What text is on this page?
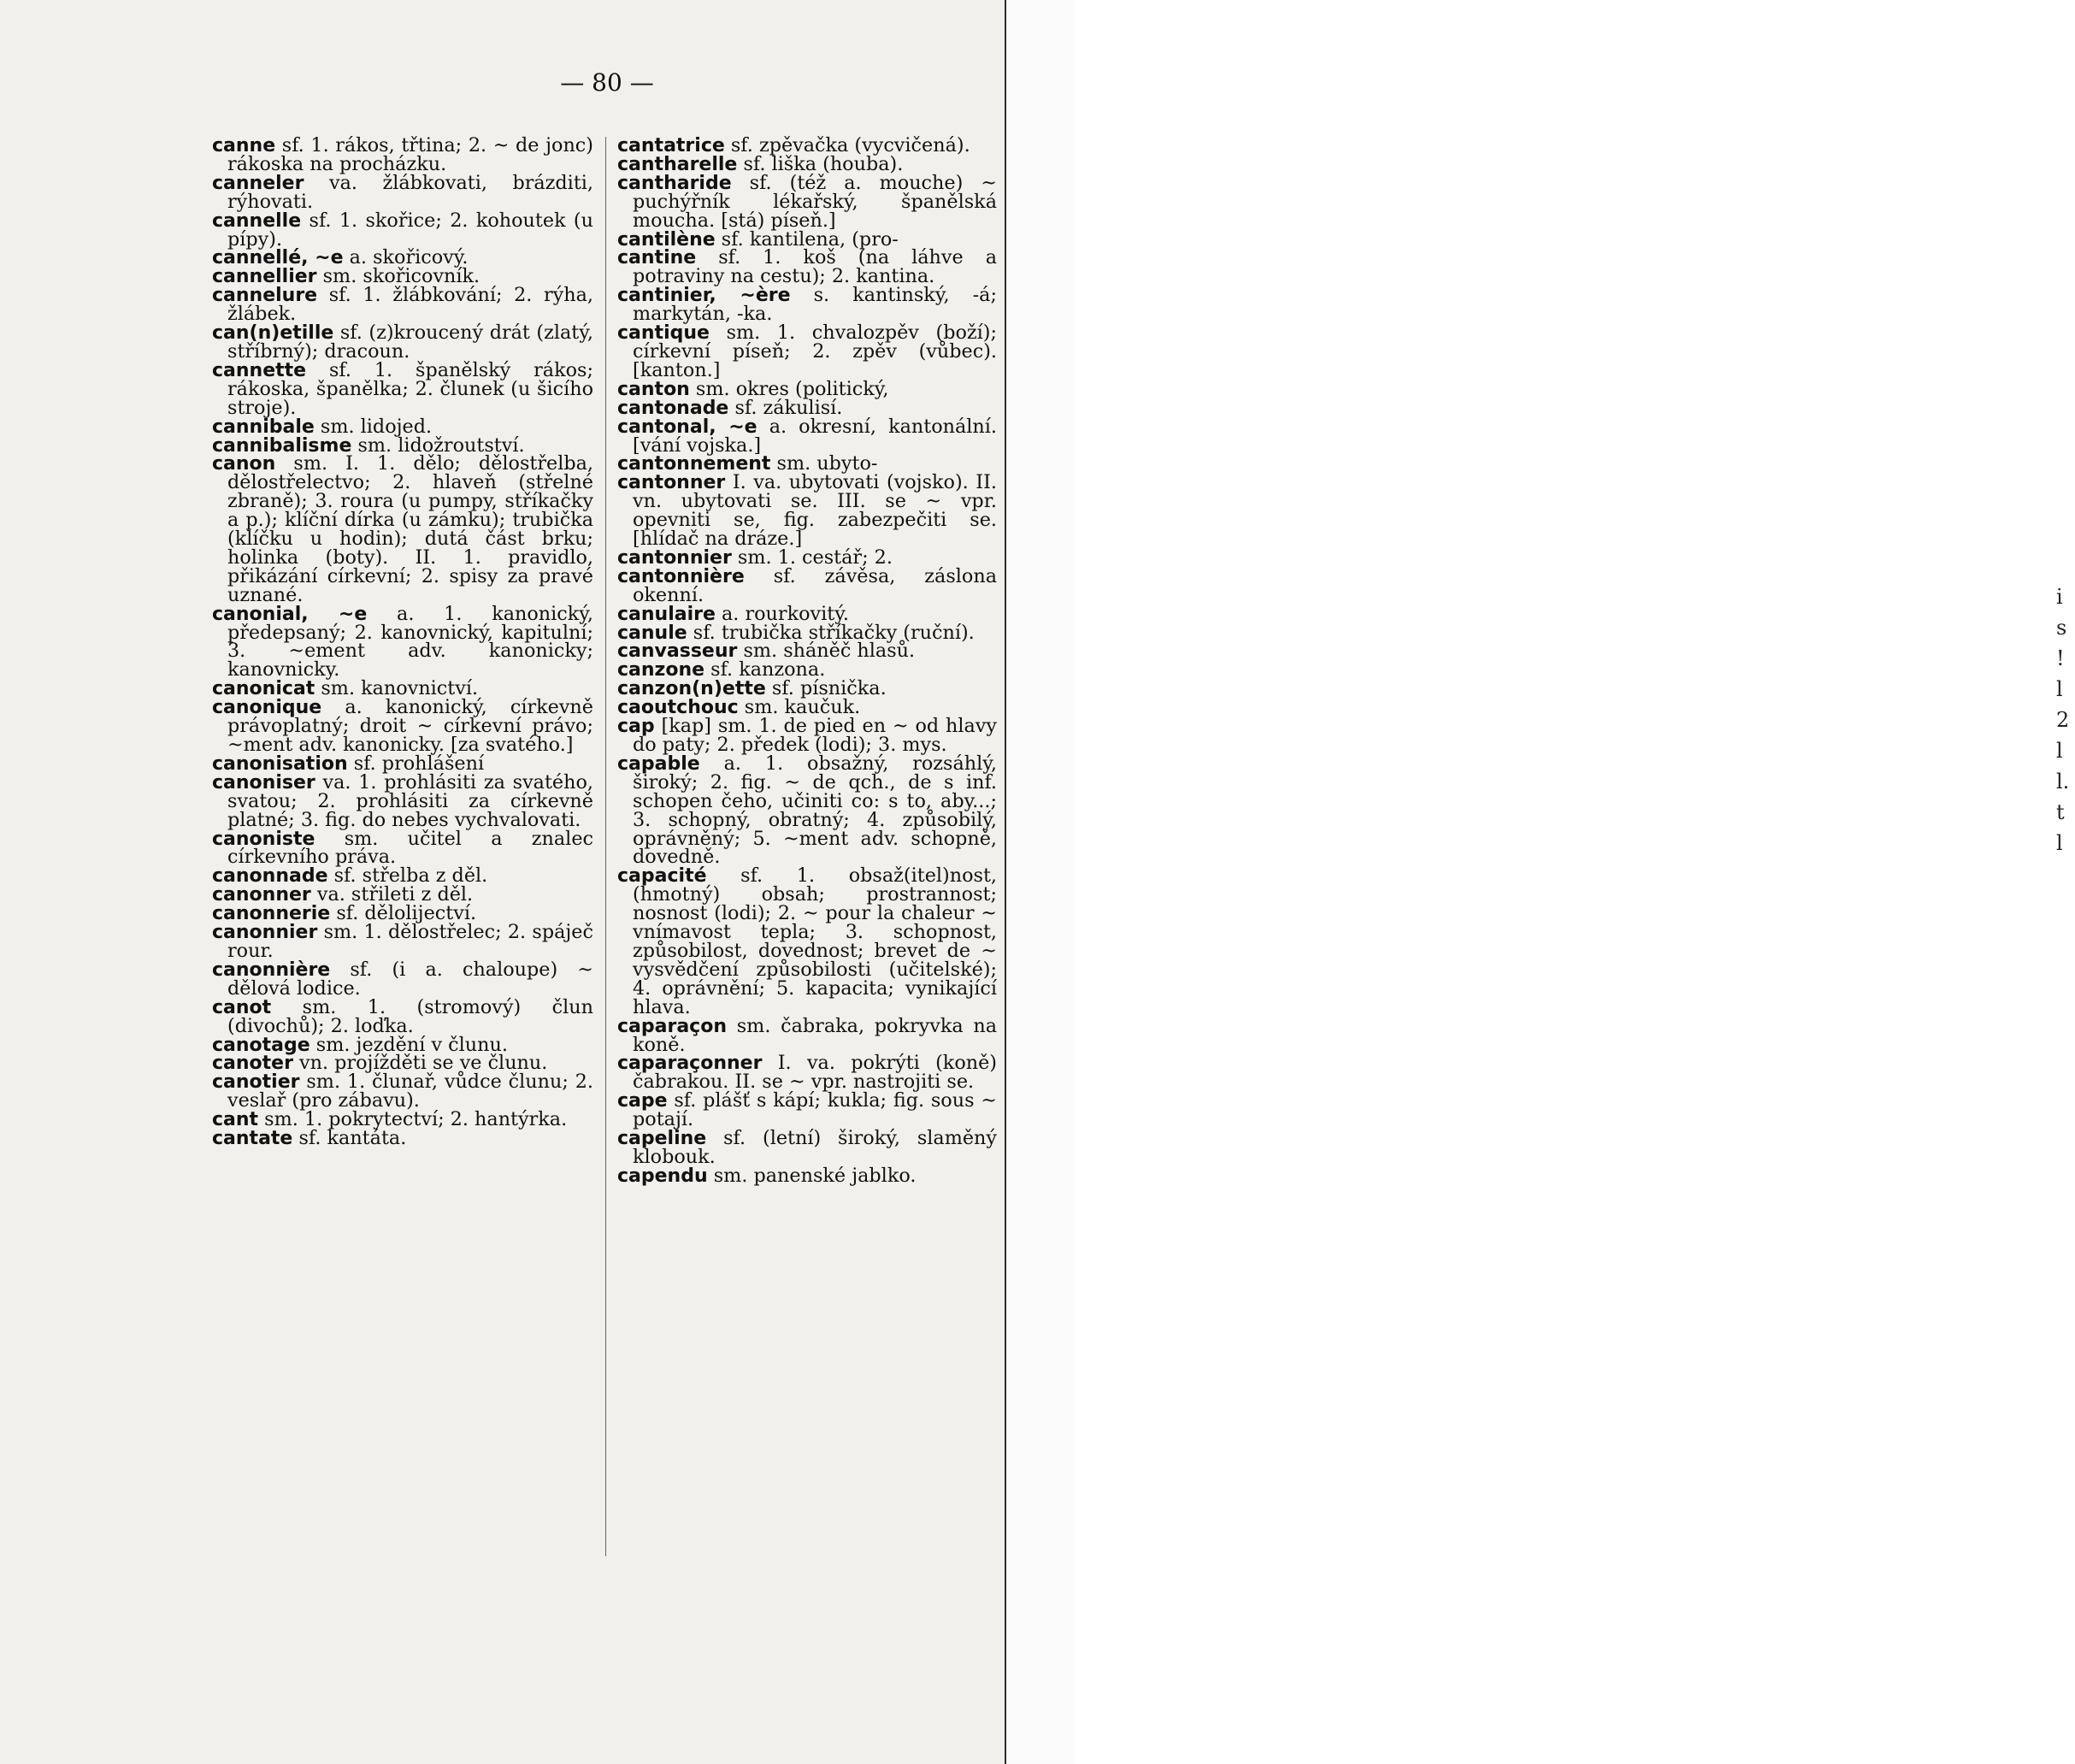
— 80 —

canne sf. 1. rákos, třtina; 2. ~ de jonc) rákoska na procházku.

canneler va. žlábkovati, brázditi, rýhovati.

cannelle sf. 1. skořice; 2. kohoutek (u pípy).

cannellé, ~e a. skořicový.

cannellier sm. skořicovník.

cannelure sf. 1. žlábkování; 2. rýha, žlábek.

can(n)etille sf. (z)kroucený drát (zlatý, stříbrný); dracoun.

cannette sf. 1. španělský rákos; rákoska, španělka; 2. člunek (u šicího stroje).

cannibale sm. lidojed.

cannibalisme sm. lidožroutství.

canon sm. I. 1. dělo; dělostřelba, dělostřelectvo; 2. hlaveň (střelné zbraně); 3. roura (u pumpy, stříkačky a p.); klíční dírka (u zámku); trubička (klíčku u hodin); dutá část brku; holinka (boty). II. 1. pravidlo, přikázání církevní; 2. spisy za pravé uznané.

canonial, ~e a. 1. kanonický, předepsaný; 2. kanovnický, kapitulní; 3. ~ement adv. kanonicky; kanovnicky.

canonicat sm. kanovnictví.

canonique a. kanonický, církevně právoplatný; droit ~ církevní právo; ~ment adv. kanonicky. [za svatého.]

canonisation sf. prohlášení

canoniser va. 1. prohlásiti za svatého, svatou; 2. prohlásiti za církevně platné; 3. fig. do nebes vychvalovati.

canoniste sm. učitel a znalec církevního práva.

canonnade sf. střelba z děl.

canonner va. střileti z děl.

canonnerie sf. dělolijectví.

canonnier sm. 1. dělostřelec; 2. spáječ rour.

canonnière sf. (i a. chaloupe) ~ dělová lodice.

canot sm. 1. (stromový) člun (divochů); 2. loďka.

canotage sm. jezdění v člunu.

canoter vn. projížděti se ve člunu.

canotier sm. 1. člunař, vůdce člunu; 2. veslař (pro zábavu).

cant sm. 1. pokrytectví; 2. hantýrka.

cantate sf. kantáta.

cantatrice sf. zpěvačka (vycvičená).

cantharelle sf. liška (houba).

cantharide sf. (též a. mouche) ~ puchýřník lékařský, španělská moucha. [stá) píseň.]

cantilène sf. kantilena, (pro-

cantine sf. 1. koš (na láhve a potraviny na cestu); 2. kantina.

cantinier, ~ère s. kantinský, -á; markytán, -ka.

cantique sm. 1. chvalozpěv (boží); církevní píseň; 2. zpěv (vůbec). [kanton.]

canton sm. okres (politický,

cantonade sf. zákulisí.

cantonal, ~e a. okresní, kantonální. [vání vojska.]

cantonnement sm. ubyto-

cantonner I. va. ubytovati (vojsko). II. vn. ubytovati se. III. se ~ vpr. opevniti se, fig. zabezpečiti se. [hlídač na dráze.]

cantonnier sm. 1. cestář; 2.

cantonnière sf. závěsa, záslona okenní.

canulaire a. rourkovitý.

canule sf. trubička stříkačky (ruční).

canvasseur sm. sháněč hlasů.

canzone sf. kanzona.

canzon(n)ette sf. písnička.

caoutchouc sm. kaučuk.

cap [kap] sm. 1. de pied en ~ od hlavy do paty; 2. předek (lodi); 3. mys.

capable a. 1. obsažný, rozsáhlý, široký; 2. fig. ~ de qch., de s inf. schopen čeho, učiniti co: s to, aby...; 3. schopný, obratný; 4. způsobilý, oprávněný; 5. ~ment adv. schopně, dovedně.

capacité sf. 1. obsaž(itel)nost, (hmotný) obsah; prostrannost; nosnost (lodi); 2. ~ pour la chaleur ~ vnímavost tepla; 3. schopnost, způsobilost, dovednost; brevet de ~ vysvědčení způsobilosti (učitelské); 4. oprávnění; 5. kapacita; vynikající hlava.

caparaçon sm. čabraka, pokryvka na koně.

caparaçonner I. va. pokrýti (koně) čabrakou. II. se ~ vpr. nastrojiti se.

cape sf. plášť s kápí; kukla; fig. sous ~ potají.

capeline sf. (letní) široký, slaměný klobouk.

capendu sm. panenské jablko.

i
s
!
l
2
l
l.
t
l
